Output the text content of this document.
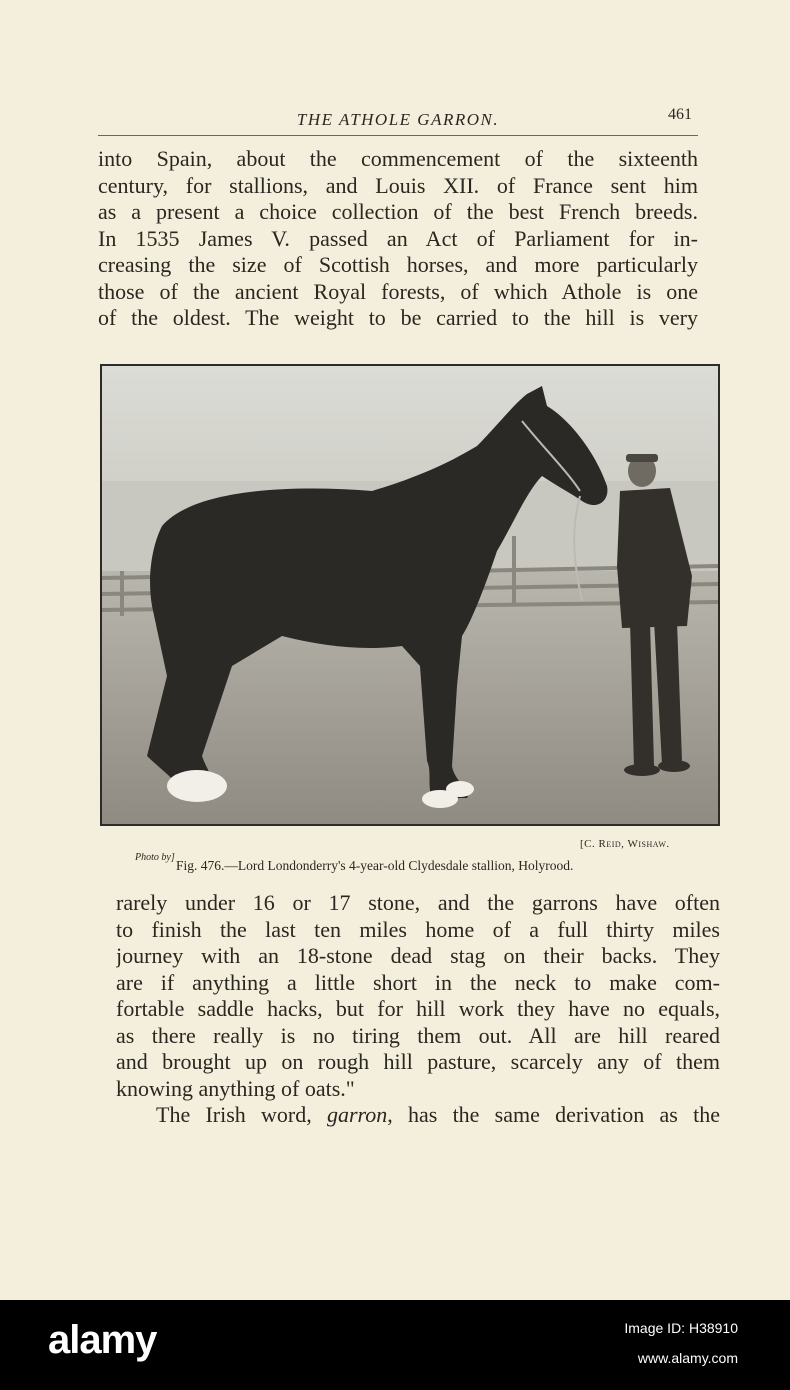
THE ATHOLE GARRON.	461
into Spain, about the commencement of the sixteenth
century, for stallions, and Louis XII. of France sent him
as a present a choice collection of the best French breeds.
In 1535 James V. passed an Act of Parliament for in-
creasing the size of Scottish horses, and more particularly
those of the ancient Royal forests, of which Athole is one
of the oldest. The weight to be carried to the hill is very
[C. Reid, Wishaw.
Photo by]
Fig. 476.—Lord Londonderry's 4-year-old Clydesdale stallion, Holyrood.
rarely under 16 or 17 stone, and the garrons have often
to finish the last ten miles home of a full thirty miles
journey with an 18-stone dead stag on their backs. They
are if anything a little short in the neck to make com-
fortable saddle hacks, but for hill work they have no equals,
as there really is no tiring them out. All are hill reared
and brought up on rough hill pasture, scarcely any of them
knowing anything of oats."
The Irish word, garron, has the same derivation as the
alamy	Image ID: H38910
www.alamy.com
